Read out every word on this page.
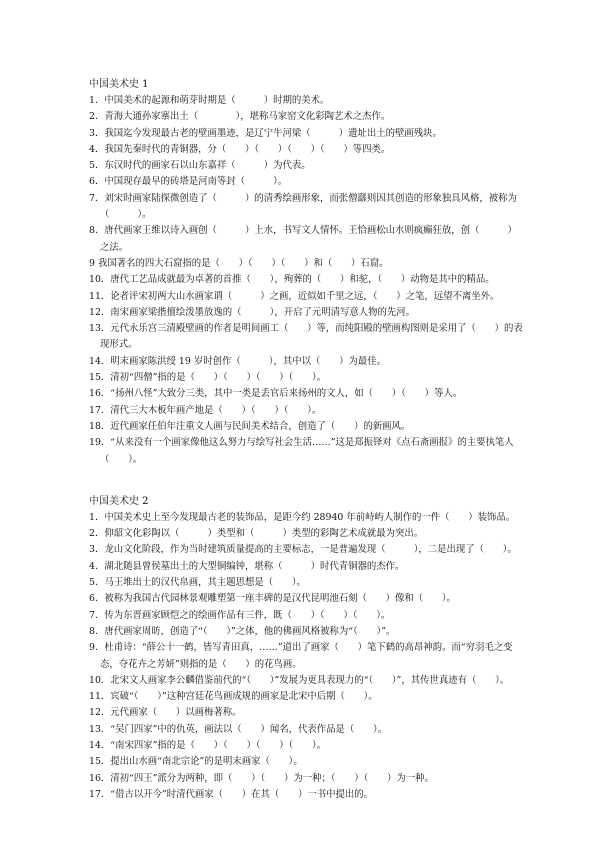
中国美术史 1
1．中国美术的起源和萌芽时期是（　　　）时期的美术。
2．青海大通孙家寨出土（　　　　），堪称马家窑文化彩陶艺术之杰作。
3．我国迄今发现最古老的壁画墨迹，是辽宁牛河梁（　　　）遗址出土的壁画残块。
4．我国先秦时代的青铜器，分（　　）（　　）（　　）（　　）等四类。
5．东汉时代的画家石以山东嘉祥（　　　）为代表。
6．中国现存最早的砖塔是河南等封（　　　）。
7．刘宋时画家陆探微创造了（　　　）的清秀绘画形象，而张僧繇则因其创造的形象独具风格，被称为
（　　　）。
8．唐代画家王维以诗入画创（　　　）上水，书写文人情怀。王恰画松山水则疯癫狂放，创（　　　）
之法。
9 我国著名的四大石窟指的是（　　）（　　）（　　）和（　　）石窟。
10．唐代工艺品成就最为卓著的首推（　　），殉葬的（　　）和驼，（　　）动物是其中的精品。
11．论者评宋初两大山水画家谓（　　　）之画，近似如千里之远，（　　）之笔，远望不离坐外。
12．南宋画家梁揩擅绘泼墨放逸的（　　　），开启了元明清写意人物的先河。
13．元代永乐宫三清殿壁画的作者是明间画工（　　）等，而纯阳殿的壁画构图则是采用了（　　）的表
现形式。
14．明末画家陈洪绶 19 岁时创作（　　　），其中以（　　）为最佳。
15．清初“四僧”指的是（　　）（　　）（　　）（　　）。
16．“扬州八怪”大致分三类，其中一类是丢官后来扬州的文人，如（　　）（　　）等人。
17．清代三大木板年画产地是（　　）（　　）（　　）。
18．近代画家任伯年注重文人画与民间美术结合，创造了（　　）的新画风。
19．“从来没有一个画家像他这么努力与绘写社会生活……”这是郑振铎对《点石斋画报》的主要执笔人
（　　）。
中国美术史 2
1．中国美术史上至今发现最古老的装饰品，是距今约 28940 年前峙屿人制作的一件（　　）装饰品。
2．仰韶文化彩陶以（　　　）类型和（　　　）类型的彩陶艺术成就最为突出。
3．龙山文化阶段，作为当时建筑质量提高的主要标志，一是普遍发现（　　　），二是出现了（　　）。
4．湖北随县曾侯墓出土的大型铜编钟，堪称（　　　）时代青铜器的杰作。
5．马王堆出土的汉代帛画，其主题思想是（　　）。
6．被称为我国古代园林景观雕塑第一座丰碑的是汉代昆明池石刻（　　）像和（　　）。
7．传为东晋画家顾恺之的绘画作品有三件，既（　　）（　　）（　　）。
8．唐代画家周昉，创造了“（　　）”之体，他的佛画风格被称为“（　　）”。
9．杜甫诗：“薛公十一鹤，皆写青田真，……”道出了画家（　　）笔下鹤的高昂神韵。而“穷羽毛之变
态，夺花卉之芳妍”则指的是（　　）的花鸟画。
10．北宋文人画家李公麟借鉴前代的“（　　）”发展为更具表现力的“（　　）”，其传世真迹有（　　）。
11．宾破“（　　）”这种宫廷花鸟画成规的画家是北宋中后期（　　）。
12．元代画家（　　）以画梅著称。
13．“吴门四家”中的仇英，画法以（　　）闻名，代表作品是（　　）。
14．“南宋四家”指的是（　　）（　　）（　　）（　　）。
15．提出山水画“南北宗论”的是明末画家（　　）。
16．清初“四王”派分为两种，即（　　）（　　）为一种；（　　）（　　）为一种。
17．“借古以开今”时清代画家（　　）在其（　　）一书中提出的。
